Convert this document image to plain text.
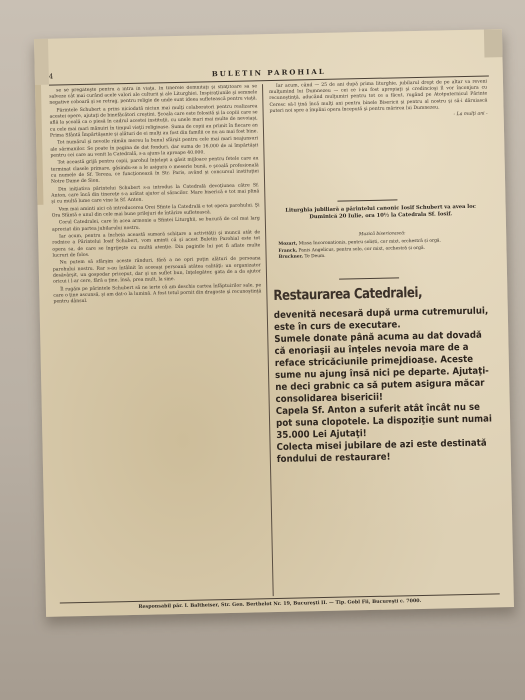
4	BULETIN PAROHIAL

se se pregăteşte pentru a intra în viaţă. În tinerele demnităţi şi sfinţitoare să se salveze cât mai curând acele valori ale culturii şi ale Liturghiei. Inspiraţiunile şi semnele negative coboară şi se retrag, pentru religie de unde sunt ideea sufletească pentru viaţă.

Părintele Schubert a prins niciodată niciun mai mulţi colaboratori pentru realizarea acestei opere, ajutaţi de binefăcători creştini. Şcoala care este folosită şi la copiii care se află la școală ca o piesă în cadrul acestei instituţii, cu unele mari mai multe de nevoiaşi, cu cele mai mari mânuiri în timpul vieţii religioase. Suma de copii au primit în fiecare an Prima Sfântă Împărtăşanie şi alături de ei mulţi au fost din familii ce nu au mai fost bine.

Tot numărul şi nevoile rămân mereu la bunul sfârşit pentru cele mai mari neajunsuri ale sărmanilor. Se poate în pagina de dat fonduri, dar suma de 16.000 de ai împărtăşit pentru cei care au venit la Catedrală, s-a ajuns la aproape 40.000.

Tot această grijă pentru copii, parohul înţelept a găsit mijloace pentru fetele care au terminat clasele primare, găsindu-se a le asigura o meserie bună, o şcoală profesională cu numele de Sf. Tereza, ce funcţionează în Str. Paris, având şi concursul instituţiei Notre Dame de Sion.

Din iniţiativa părintelui Schubert s-a introdus la Catedrală devoţiunea către Sf. Anton, care încă din tinereţe s-a arătat ajutor al săracilor. Mare biserică e tot mai plină şi cu multă lume care vine la Sf. Anton.

Vom mai aminti aici că introducerea Orei Sfinte la Catedrală e tot opera parohului. Şi Ora Sfântă e unul din cele mai bune prilejuri de întărire sufletească.

Corul Catedralei, care în acea armonie a Sfintei Liturghii, se bucură de cel mai larg apreciat din partea jubilarului nostru.

Iar acum, pentru a încheia această sumară schiţare a activităţii şi muncii atât de rodnice a Părintelui Iosif Schubert, vom aminti că şi acest Buletin Parohial este tot opera sa, de care se îngrijeşte cu multă atenţie. Din paginile lui pot fi aflate multe lucruri de folos.

Nu putem să sfârşim aceste rânduri, fără a ne opri puţin alături de persoana parohului nostru. Rar s-au întâlnit în aceeaşi persoană atâtea calităţi: un organizator desăvârşit, un gospodar priceput, dar şi un suflet bun, înţelegător, gata de a da ajutor oricui i l-ar cere, fără a ţine, însă, prea mult, la sine.

Îl rugăm pe părintele Schubert să ne ierte că am deschis cartea înfăptuirilor sale, pe care o ţine ascunsă, şi am dat-o la lumină. A fost totul pornit din dragoste şi recunoştinţă pentru dânsul.

Iar acum, când — 25 de ani după prima liturghie, jubilarul drept de pe altar va reveni mulţumind lui Dumnezeu — cei ce i-au fost apropiaţi şi credincioşi îl vor înconjura cu recunoştinţă, aducând mulţumiri pentru tot ce a făcut, rugând pe Atotputernicul Părinte Ceresc să-l ţină încă mulţi ani pentru binele Bisericii şi pentru al nostru şi să-i dăruiască puteri noi spre a împlini opera începută şi pentru mărirea lui Dumnezeu.

- La mulţi ani -

Liturghia jubiliară a părintelui canonic Iosif Schubert va avea loc Duminică 20 Iulie, ora 10½ la Catedrala Sf. Iosif.
Muzică bisericească:
Mozart, Missa Incoronationis, pentru soliști, cor mixt, orchestră și orgă.
Franck, Panis Angelicus, pentru solo, cor mixt, orchestră și orgă.
Bruckner, Te Deum.
Restaurarea Catedralei,

devenită necesară după urma cutremurului, este în curs de executare.

Sumele donate până acuma au dat dovadă că enoriaşii au înţeles nevoia mare de a reface stricăciunile primejdioase. Aceste sume nu ajung însă nici pe departe. Ajutaţi-ne deci grabnic ca să putem asigura măcar consolidarea bisericii!

Capela Sf. Anton a suferit atât încât nu se pot suna clopotele. La dispoziţie sunt numai 35.000 Lei Ajutaţi!

Colecta misei jubilare de azi este destinată fondului de restaurare!

Responsabil păr. I. Baltheiser, Str. Gen. Berthelot Nr. 19, Bucureşti II. — Tip. Gobl Fii, Bucureşti c. 7000.
